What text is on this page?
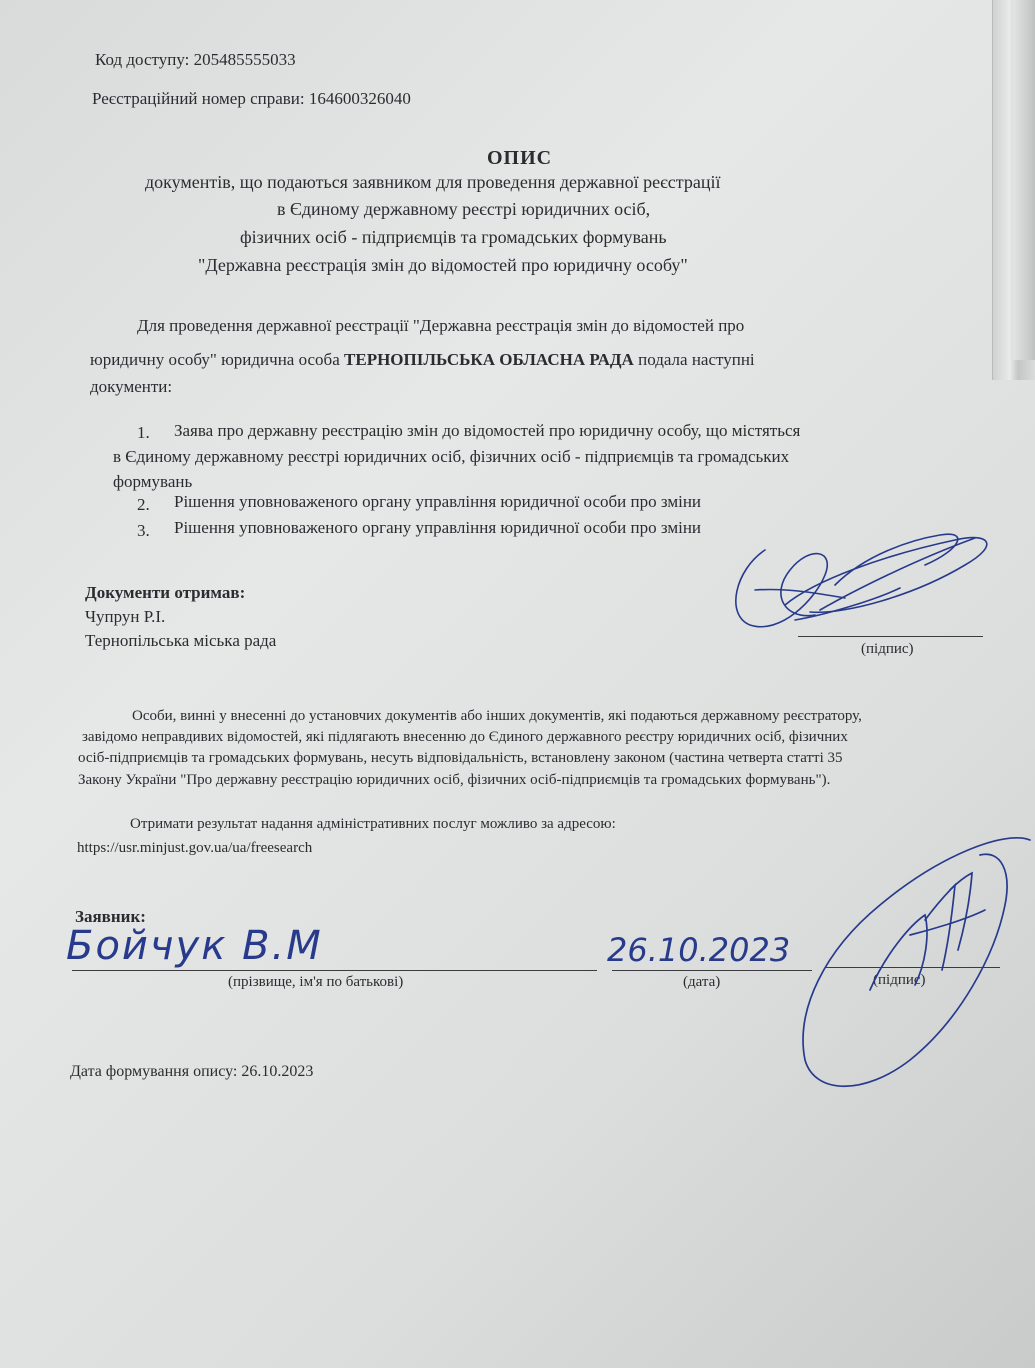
Код доступу: 205485555033
Реєстраційний номер справи: 164600326040
ОПИС
документів, що подаються заявником для проведення державної реєстрації
в Єдиному державному реєстрі юридичних осіб,
фізичних осіб - підприємців та громадських формувань
"Державна реєстрація змін до відомостей про юридичну особу"
Для проведення державної реєстрації "Державна реєстрація змін до відомостей про
юридичну особу" юридична особа ТЕРНОПІЛЬСЬКА ОБЛАСНА РАДА подала наступні
документи:
1. Заява про державну реєстрацію змін до відомостей про юридичну особу, що містяться
в Єдиному державному реєстрі юридичних осіб, фізичних осіб - підприємців та громадських
формувань
2. Рішення уповноваженого органу управління юридичної особи про зміни
3. Рішення уповноваженого органу управління юридичної особи про зміни
Документи отримав:
Чупрун Р.І.
Тернопільська міська рада	(підпис)
Особи, винні у внесенні до установчих документів або інших документів, які подаються державному реєстратору,
завідомо неправдивих відомостей, які підлягають внесенню до Єдиного державного реєстру юридичних осіб, фізичних
осіб-підприємців та громадських формувань, несуть відповідальність, встановлену законом (частина четверта статті 35
Закону України "Про державну реєстрацію юридичних осіб, фізичних осіб-підприємців та громадських формувань").
Отримати результат надання адміністративних послуг можливо за адресою:
https://usr.minjust.gov.ua/ua/freesearch
Заявник:
Бойчук В.М
(прізвище, ім'я по батькові)
26.10.2023
(дата)	(підпис)
Дата формування опису: 26.10.2023
